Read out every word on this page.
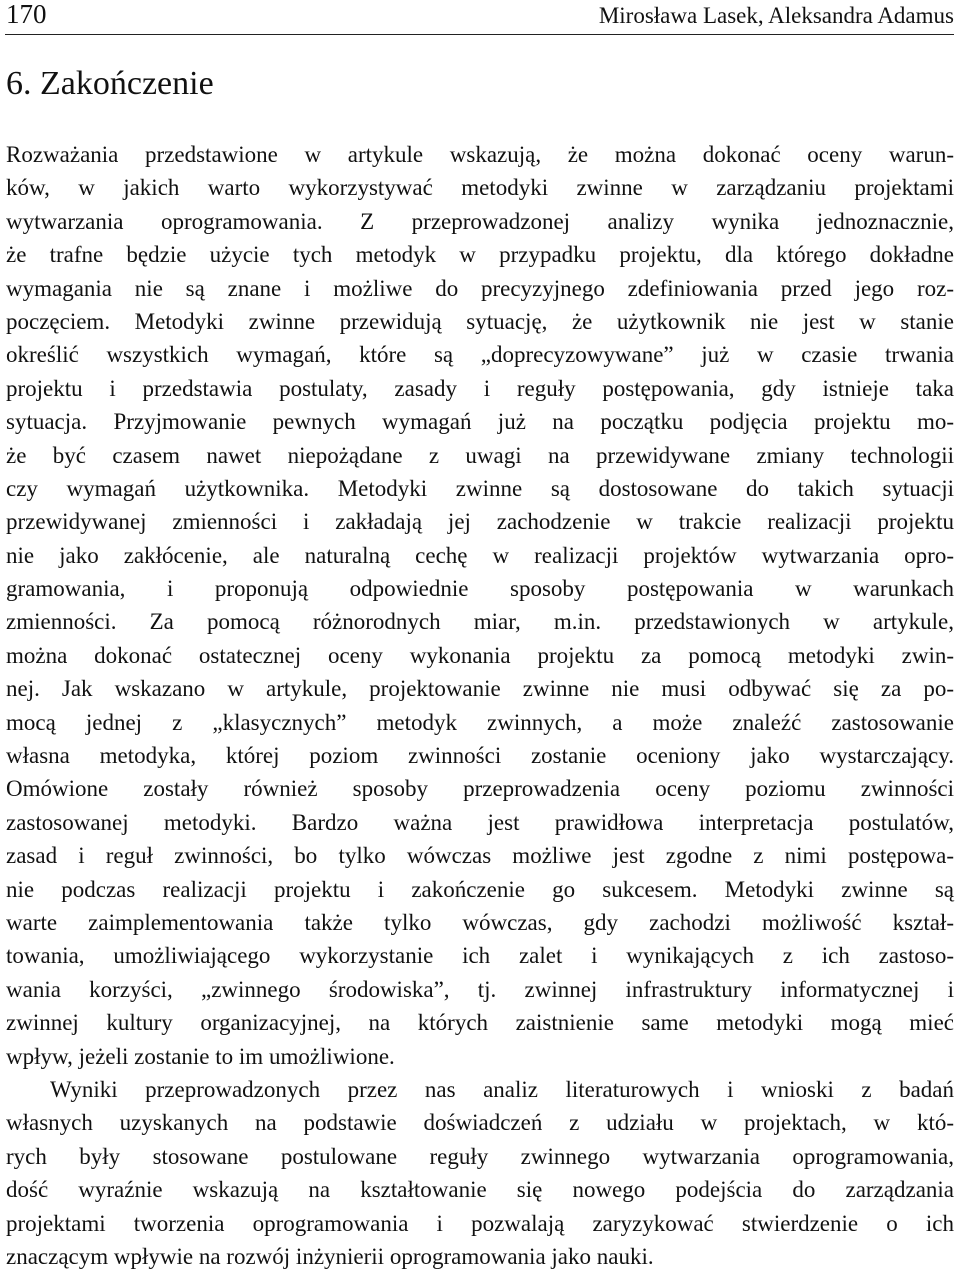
170	Mirosława Lasek, Aleksandra Adamus
6. Zakończenie
Rozważania przedstawione w artykule wskazują, że można dokonać oceny warun-
ków, w jakich warto wykorzystywać metodyki zwinne w zarządzaniu projektami
wytwarzania oprogramowania. Z przeprowadzonej analizy wynika jednoznacznie,
że trafne będzie użycie tych metodyk w przypadku projektu, dla którego dokładne
wymagania nie są znane i możliwe do precyzyjnego zdefiniowania przed jego roz-
poczęciem. Metodyki zwinne przewidują sytuację, że użytkownik nie jest w stanie
określić wszystkich wymagań, które są „doprecyzowywane” już w czasie trwania
projektu i przedstawia postulaty, zasady i reguły postępowania, gdy istnieje taka
sytuacja. Przyjmowanie pewnych wymagań już na początku podjęcia projektu mo-
że być czasem nawet niepożądane z uwagi na przewidywane zmiany technologii
czy wymagań użytkownika. Metodyki zwinne są dostosowane do takich sytuacji
przewidywanej zmienności i zakładają jej zachodzenie w trakcie realizacji projektu
nie jako zakłócenie, ale naturalną cechę w realizacji projektów wytwarzania opro-
gramowania, i proponują odpowiednie sposoby postępowania w warunkach
zmienności. Za pomocą różnorodnych miar, m.in. przedstawionych w artykule,
można dokonać ostatecznej oceny wykonania projektu za pomocą metodyki zwin-
nej. Jak wskazano w artykule, projektowanie zwinne nie musi odbywać się za po-
mocą jednej z „klasycznych” metodyk zwinnych, a może znaleźć zastosowanie
własna metodyka, której poziom zwinności zostanie oceniony jako wystarczający.
Omówione zostały również sposoby przeprowadzenia oceny poziomu zwinności
zastosowanej metodyki. Bardzo ważna jest prawidłowa interpretacja postulatów,
zasad i reguł zwinności, bo tylko wówczas możliwe jest zgodne z nimi postępowa-
nie podczas realizacji projektu i zakończenie go sukcesem. Metodyki zwinne są
warte zaimplementowania także tylko wówczas, gdy zachodzi możliwość kształ-
towania, umożliwiającego wykorzystanie ich zalet i wynikających z ich zastoso-
wania korzyści, „zwinnego środowiska”, tj. zwinnej infrastruktury informatycznej i
zwinnej kultury organizacyjnej, na których zaistnienie same metodyki mogą mieć
wpływ, jeżeli zostanie to im umożliwione.
Wyniki przeprowadzonych przez nas analiz literaturowych i wnioski z badań
własnych uzyskanych na podstawie doświadczeń z udziału w projektach, w któ-
rych były stosowane postulowane reguły zwinnego wytwarzania oprogramowania,
dość wyraźnie wskazują na kształtowanie się nowego podejścia do zarządzania
projektami tworzenia oprogramowania i pozwalają zaryzykować stwierdzenie o ich
znaczącym wpływie na rozwój inżynierii oprogramowania jako nauki.
